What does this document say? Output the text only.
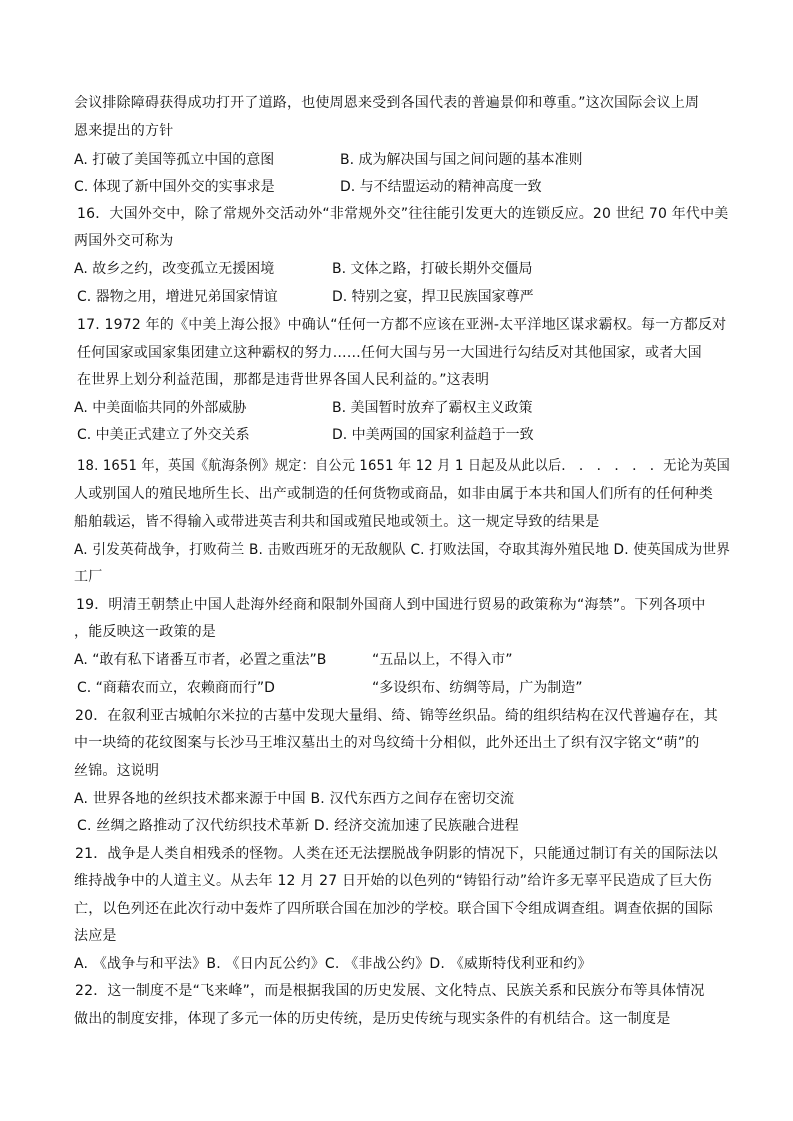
会议排除障碍获得成功打开了道路，也使周恩来受到各国代表的普遍景仰和尊重。”这次国际会议上周
恩来提出的方针
A. 打破了美国等孤立中国的意图	B. 成为解决国与国之间问题的基本准则
C. 体现了新中国外交的实事求是	D. 与不结盟运动的精神高度一致
16．大国外交中，除了常规外交活动外“非常规外交”往往能引发更大的连锁反应。20 世纪 70 年代中美
两国外交可称为
A. 故乡之约，改变孤立无援困境	B. 文体之路，打破长期外交僵局
C. 器物之用，增进兄弟国家情谊	D. 特别之宴，捍卫民族国家尊严
17. 1972 年的《中美上海公报》中确认“任何一方都不应该在亚洲-太平洋地区谋求霸权。每一方都反对
任何国家或国家集团建立这种霸权的努力……任何大国与另一大国进行勾结反对其他国家，或者大国
在世界上划分利益范围，那都是违背世界各国人民利益的。”这表明
A. 中美面临共同的外部威胁	B. 美国暂时放弃了霸权主义政策
C. 中美正式建立了外交关系	D. 中美两国的国家利益趋于一致
18. 1651 年，英国《航海条例》规定：自公元 1651 年 12 月 1 日起及从此以后． ． ． ． ． ．无论为英国
人或别国人的殖民地所生长、出产或制造的任何货物或商品，如非由属于本共和国人们所有的任何种类
船舶载运，皆不得输入或带进英吉利共和国或殖民地或领土。这一规定导致的结果是
A. 引发英荷战争，打败荷兰 B. 击败西班牙的无敌舰队 C. 打败法国，夺取其海外殖民地 D. 使英国成为世界
工厂
19．明清王朝禁止中国人赴海外经商和限制外国商人到中国进行贸易的政策称为“海禁”。下列各项中
，能反映这一政策的是
A. “敢有私下诸番互市者，必置之重法”B	“五品以上，不得入市”
C. “商藉农而立，农赖商而行”D	“多设织布、纺绸等局，广为制造”
20．在叙利亚古城帕尔米拉的古墓中发现大量绢、绮、锦等丝织品。绮的组织结构在汉代普遍存在，其
中一块绮的花纹图案与长沙马王堆汉墓出土的对鸟纹绮十分相似，此外还出土了织有汉字铭文“萌”的
丝锦。这说明
A. 世界各地的丝织技术都来源于中国 B. 汉代东西方之间存在密切交流
C. 丝绸之路推动了汉代纺织技术革新 D. 经济交流加速了民族融合进程
21．战争是人类自相残杀的怪物。人类在还无法摆脱战争阴影的情况下，只能通过制订有关的国际法以
维持战争中的人道主义。从去年 12 月 27 日开始的以色列的“铸铅行动”给许多无辜平民造成了巨大伤
亡，以色列还在此次行动中轰炸了四所联合国在加沙的学校。联合国下令组成调查组。调查依据的国际
法应是
A. 《战争与和平法》B. 《日内瓦公约》C. 《非战公约》D. 《威斯特伐利亚和约》
22．这一制度不是“飞来峰”，而是根据我国的历史发展、文化特点、民族关系和民族分布等具体情况
做出的制度安排，体现了多元一体的历史传统，是历史传统与现实条件的有机结合。这一制度是
